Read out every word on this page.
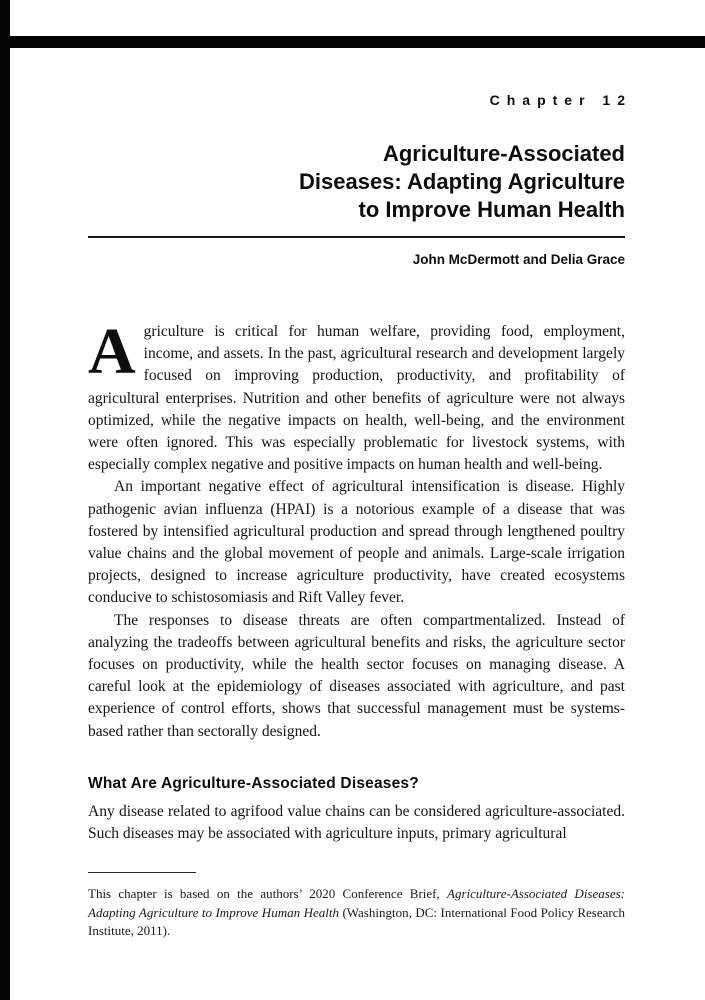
Chapter 12
Agriculture-Associated
Diseases: Adapting Agriculture
to Improve Human Health
John McDermott and Delia Grace

Agriculture is critical for human welfare, providing food, employment, income, and assets. In the past, agricultural research and development largely focused on improving production, productivity, and profitability of agricultural enterprises. Nutrition and other benefits of agriculture were not always optimized, while the negative impacts on health, well-being, and the environment were often ignored. This was especially problematic for livestock systems, with especially complex negative and positive impacts on human health and well-being.

An important negative effect of agricultural intensification is disease. Highly pathogenic avian influenza (HPAI) is a notorious example of a disease that was fostered by intensified agricultural production and spread through lengthened poultry value chains and the global movement of people and animals. Large-scale irrigation projects, designed to increase agriculture productivity, have created ecosystems conducive to schistosomiasis and Rift Valley fever.

The responses to disease threats are often compartmentalized. Instead of analyzing the tradeoffs between agricultural benefits and risks, the agriculture sector focuses on productivity, while the health sector focuses on managing disease. A careful look at the epidemiology of diseases associated with agriculture, and past experience of control efforts, shows that successful management must be systems-based rather than sectorally designed.

What Are Agriculture-Associated Diseases?

Any disease related to agrifood value chains can be considered agriculture-associated. Such diseases may be associated with agriculture inputs, primary agricultural

This chapter is based on the authors’ 2020 Conference Brief, Agriculture-Associated Diseases: Adapting Agriculture to Improve Human Health (Washington, DC: International Food Policy Research Institute, 2011).
